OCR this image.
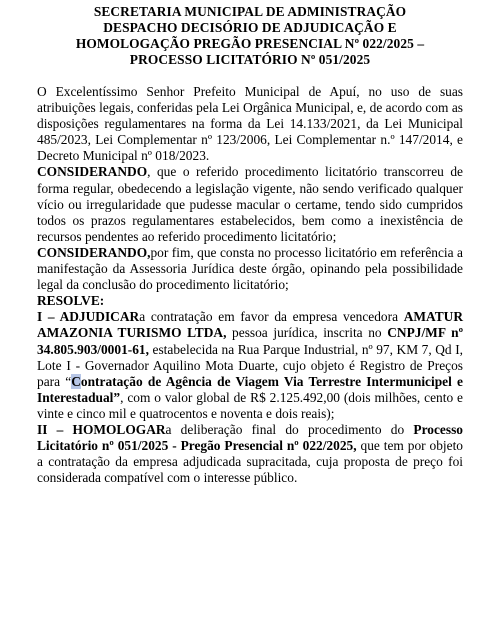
SECRETARIA MUNICIPAL DE ADMINISTRAÇÃO
DESPACHO DECISÓRIO DE ADJUDICAÇÃO E
HOMOLOGAÇÃO PREGÃO PRESENCIAL Nº 022/2025 –
PROCESSO LICITATÓRIO Nº 051/2025

O Excelentíssimo Senhor Prefeito Municipal de Apuí, no uso de suas atribuições legais, conferidas pela Lei Orgânica Municipal, e, de acordo com as disposições regulamentares na forma da Lei 14.133/2021, da Lei Municipal 485/2023, Lei Complementar nº 123/2006, Lei Complementar n.º 147/2014, e Decreto Municipal nº 018/2023.

CONSIDERANDO, que o referido procedimento licitatório transcorreu de forma regular, obedecendo a legislação vigente, não sendo verificado qualquer vício ou irregularidade que pudesse macular o certame, tendo sido cumpridos todos os prazos regulamentares estabelecidos, bem como a inexistência de recursos pendentes ao referido procedimento licitatório;

CONSIDERANDO,por fim, que consta no processo licitatório em referência a manifestação da Assessoria Jurídica deste órgão, opinando pela possibilidade legal da conclusão do procedimento licitatório;

RESOLVE:

I – ADJUDICARa contratação em favor da empresa vencedora AMATUR AMAZONIA TURISMO LTDA, pessoa jurídica, inscrita no CNPJ/MF nº 34.805.903/0001-61, estabelecida na Rua Parque Industrial, nº 97, KM 7, Qd I, Lote I - Governador Aquilino Mota Duarte, cujo objeto é Registro de Preços para “Contratação de Agência de Viagem Via Terrestre Intermunicipel e Interestadual”, com o valor global de R$ 2.125.492,00 (dois milhões, cento e vinte e cinco mil e quatrocentos e noventa e dois reais);

II – HOMOLOGARa deliberação final do procedimento do Processo Licitatório nº 051/2025 - Pregão Presencial nº 022/2025, que tem por objeto a contratação da empresa adjudicada supracitada, cuja proposta de preço foi considerada compatível com o interesse público.
